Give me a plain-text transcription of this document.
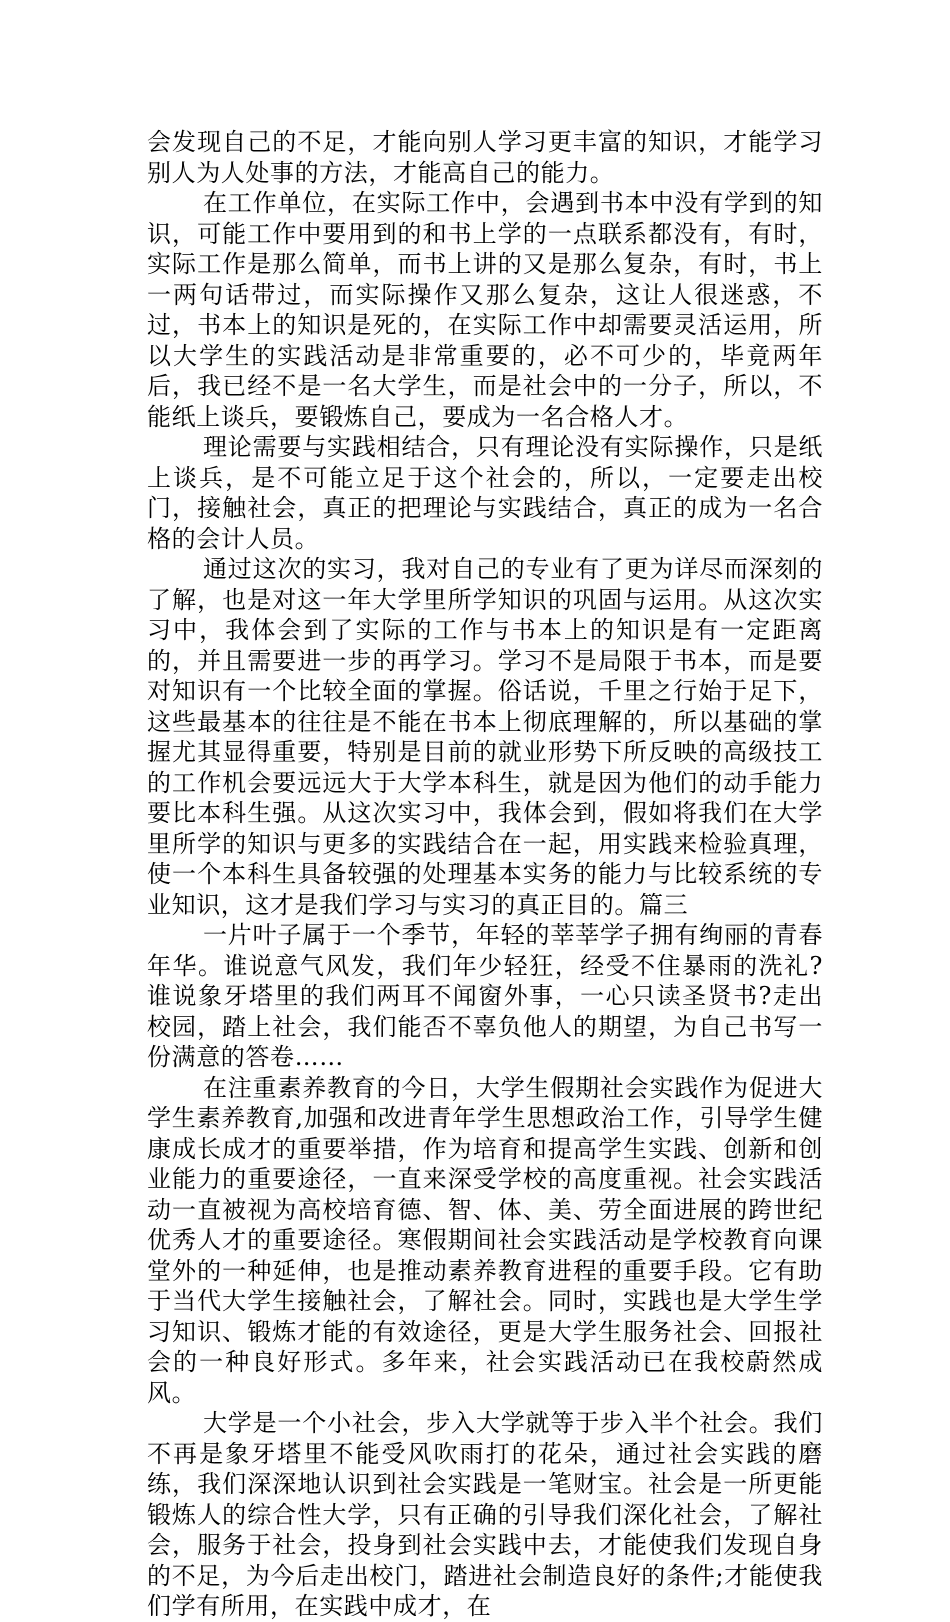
会发现自己的不足，才能向别人学习更丰富的知识，才能学习别人为人处事的方法，才能高自己的能力。

在工作单位，在实际工作中，会遇到书本中没有学到的知识，可能工作中要用到的和书上学的一点联系都没有，有时，实际工作是那么简单，而书上讲的又是那么复杂，有时，书上一两句话带过，而实际操作又那么复杂，这让人很迷惑，不过，书本上的知识是死的，在实际工作中却需要灵活运用，所以大学生的实践活动是非常重要的，必不可少的，毕竟两年后，我已经不是一名大学生，而是社会中的一分子，所以，不能纸上谈兵，要锻炼自己，要成为一名合格人才。

理论需要与实践相结合，只有理论没有实际操作，只是纸上谈兵，是不可能立足于这个社会的，所以，一定要走出校门，接触社会，真正的把理论与实践结合，真正的成为一名合格的会计人员。

通过这次的实习，我对自己的专业有了更为详尽而深刻的了解，也是对这一年大学里所学知识的巩固与运用。从这次实习中，我体会到了实际的工作与书本上的知识是有一定距离的，并且需要进一步的再学习。学习不是局限于书本，而是要对知识有一个比较全面的掌握。俗话说，千里之行始于足下，这些最基本的往往是不能在书本上彻底理解的，所以基础的掌握尤其显得重要，特别是目前的就业形势下所反映的高级技工的工作机会要远远大于大学本科生，就是因为他们的动手能力要比本科生强。从这次实习中，我体会到，假如将我们在大学里所学的知识与更多的实践结合在一起，用实践来检验真理，使一个本科生具备较强的处理基本实务的能力与比较系统的专业知识，这才是我们学习与实习的真正目的。篇三

一片叶子属于一个季节，年轻的莘莘学子拥有绚丽的青春年华。谁说意气风发，我们年少轻狂，经受不住暴雨的洗礼?谁说象牙塔里的我们两耳不闻窗外事，一心只读圣贤书?走出校园，踏上社会，我们能否不辜负他人的期望，为自己书写一份满意的答卷……

在注重素养教育的今日，大学生假期社会实践作为促进大学生素养教育,加强和改进青年学生思想政治工作，引导学生健康成长成才的重要举措，作为培育和提高学生实践、创新和创业能力的重要途径，一直来深受学校的高度重视。社会实践活动一直被视为高校培育德、智、体、美、劳全面进展的跨世纪优秀人才的重要途径。寒假期间社会实践活动是学校教育向课堂外的一种延伸，也是推动素养教育进程的重要手段。它有助于当代大学生接触社会，了解社会。同时，实践也是大学生学习知识、锻炼才能的有效途径，更是大学生服务社会、回报社会的一种良好形式。多年来，社会实践活动已在我校蔚然成风。

大学是一个小社会，步入大学就等于步入半个社会。我们不再是象牙塔里不能受风吹雨打的花朵，通过社会实践的磨练，我们深深地认识到社会实践是一笔财宝。社会是一所更能锻炼人的综合性大学，只有正确的引导我们深化社会，了解社会，服务于社会，投身到社会实践中去，才能使我们发现自身的不足，为今后走出校门，踏进社会制造良好的条件;才能使我们学有所用，在实践中成才，在
